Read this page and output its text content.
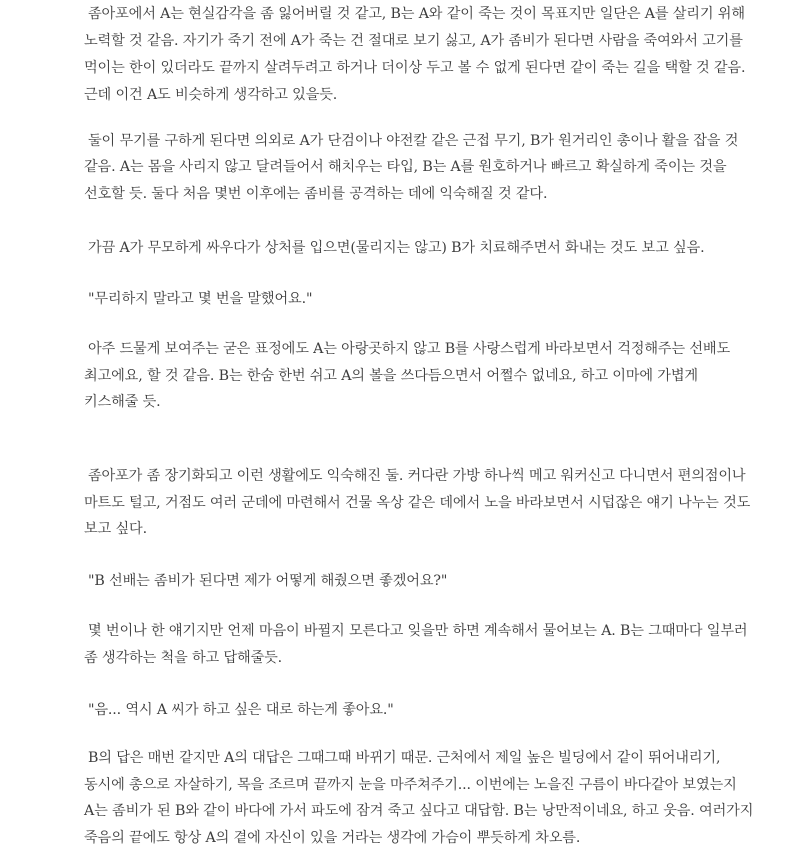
좀아포에서 A는 현실감각을 좀 잃어버릴 것 같고, B는 A와 같이 죽는 것이 목표지만 일단은 A를 살리기 위해
노력할 것 같음. 자기가 죽기 전에 A가 죽는 건 절대로 보기 싫고, A가 좀비가 된다면 사람을 죽여와서 고기를
먹이는 한이 있더라도 끝까지 살려두려고 하거나 더이상 두고 볼 수 없게 된다면 같이 죽는 길을 택할 것 같음.
근데 이건 A도 비슷하게 생각하고 있을듯.
둘이 무기를 구하게 된다면 의외로 A가 단검이나 야전칼 같은 근접 무기, B가 원거리인 총이나 활을 잡을 것
같음. A는 몸을 사리지 않고 달려들어서 해치우는 타입, B는 A를 원호하거나 빠르고 확실하게 죽이는 것을
선호할 듯. 둘다 처음 몇번 이후에는 좀비를 공격하는 데에 익숙해질 것 같다.
가끔 A가 무모하게 싸우다가 상처를 입으면(물리지는 않고) B가 치료해주면서 화내는 것도 보고 싶음.
"무리하지 말라고 몇 번을 말했어요."
아주 드물게 보여주는 굳은 표정에도 A는 아랑곳하지 않고 B를 사랑스럽게 바라보면서 걱정해주는 선배도
최고에요, 할 것 같음. B는 한숨 한번 쉬고 A의 볼을 쓰다듬으면서 어쩔수 없네요, 하고 이마에 가볍게
키스해줄 듯.
좀아포가 좀 장기화되고 이런 생활에도 익숙해진 둘. 커다란 가방 하나씩 메고 워커신고 다니면서 편의점이나
마트도 털고, 거점도 여러 군데에 마련해서 건물 옥상 같은 데에서 노을 바라보면서 시덥잖은 얘기 나누는 것도
보고 싶다.
"B 선배는 좀비가 된다면 제가 어떻게 해줬으면 좋겠어요?"
몇 번이나 한 얘기지만 언제 마음이 바뀔지 모른다고 잊을만 하면 계속해서 물어보는 A. B는 그때마다 일부러
좀 생각하는 척을 하고 답해줄듯.
"음... 역시 A 씨가 하고 싶은 대로 하는게 좋아요."
B의 답은 매번 같지만 A의 대답은 그때그때 바뀌기 때문. 근처에서 제일 높은 빌딩에서 같이 뛰어내리기,
동시에 총으로 자살하기, 목을 조르며 끝까지 눈을 마주쳐주기... 이번에는 노을진 구름이 바다같아 보였는지
A는 좀비가 된 B와 같이 바다에 가서 파도에 잠겨 죽고 싶다고 대답함. B는 낭만적이네요, 하고 웃음. 여러가지
죽음의 끝에도 항상 A의 곁에 자신이 있을 거라는 생각에 가슴이 뿌듯하게 차오름.
